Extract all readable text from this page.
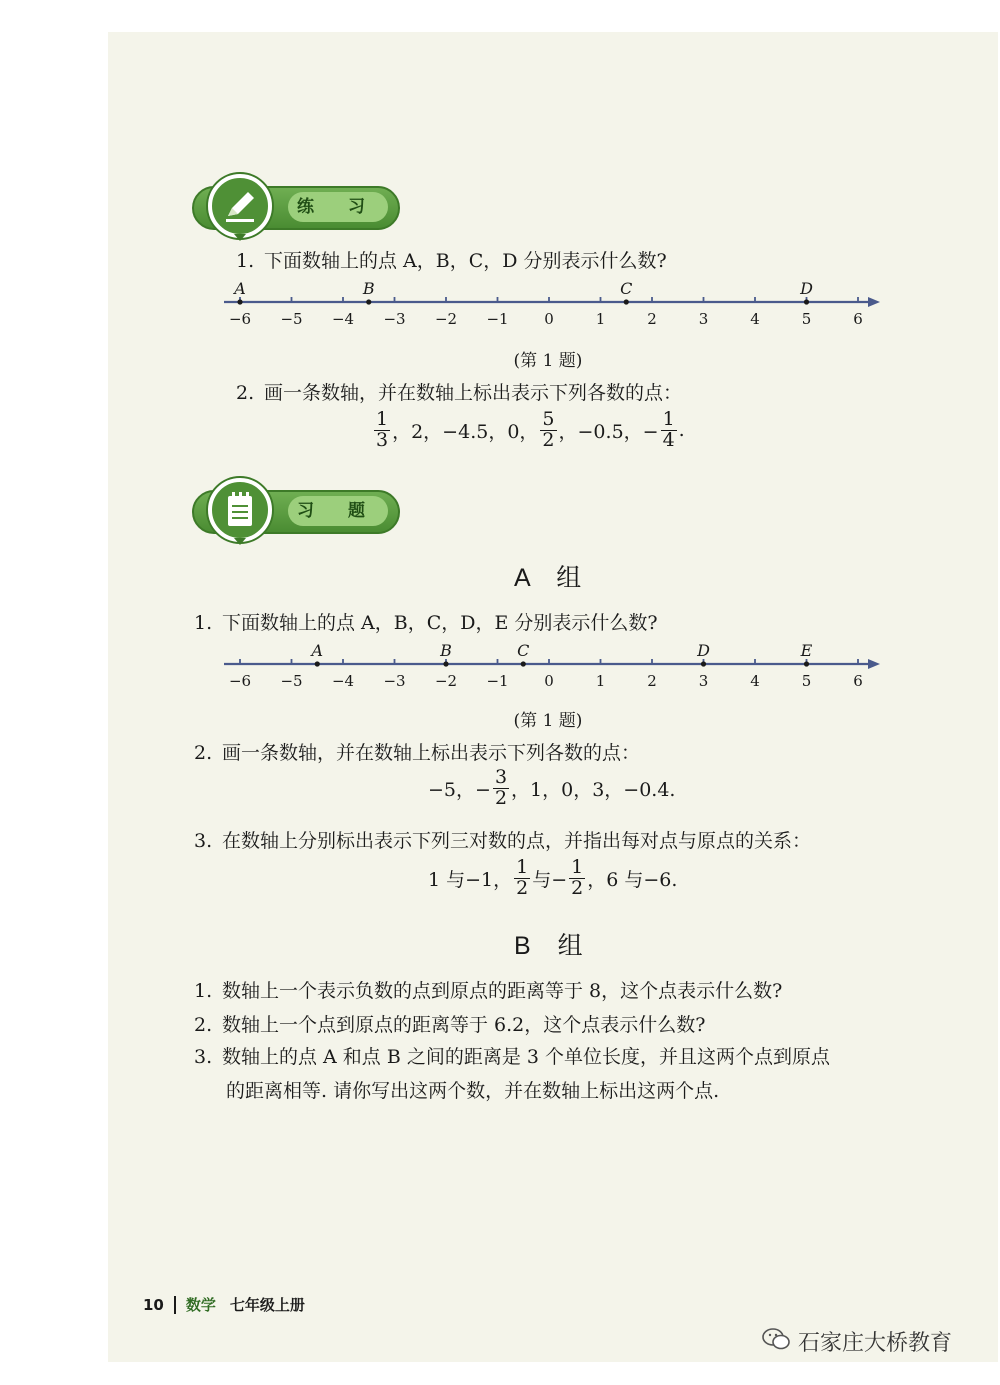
练 习
1. 下面数轴上的点 A，B，C，D 分别表示什么数?
−6 −5 −4 −3 −2 −1 0	1	2	3	4	5	6
A	B	C	D
(第 1 题)
2. 画一条数轴，并在数轴上标出表示下列各数的点：
$\frac{1}{3}$ ，2，−4.5，0， $\frac{5}{2}$ ，−0.5，− $\frac{1}{4}$ .
习 题
A 组
1. 下面数轴上的点 A，B，C，D，E 分别表示什么数?
−6 −5 −4 −3 −2 −1 0	1	2	3	4	5	6
A	B	C	D	E
(第 1 题)
2. 画一条数轴，并在数轴上标出表示下列各数的点：
−5，− $\frac{3}{2}$ ，1，0，3，−0.4.
3. 在数轴上分别标出表示下列三对数的点，并指出每对点与原点的关系：
1 与−1， $\frac{1}{2}$ 与− $\frac{1}{2}$ ，6 与−6.
B 组
1. 数轴上一个表示负数的点到原点的距离等于 8，这个点表示什么数?
2. 数轴上一个点到原点的距离等于 6.2，这个点表示什么数?
3. 数轴上的点 A 和点 B 之间的距离是 3 个单位长度，并且这两个点到原点
的距离相等. 请你写出这两个数，并在数轴上标出这两个点.
10 数学 七年级上册
石家庄大桥教育
